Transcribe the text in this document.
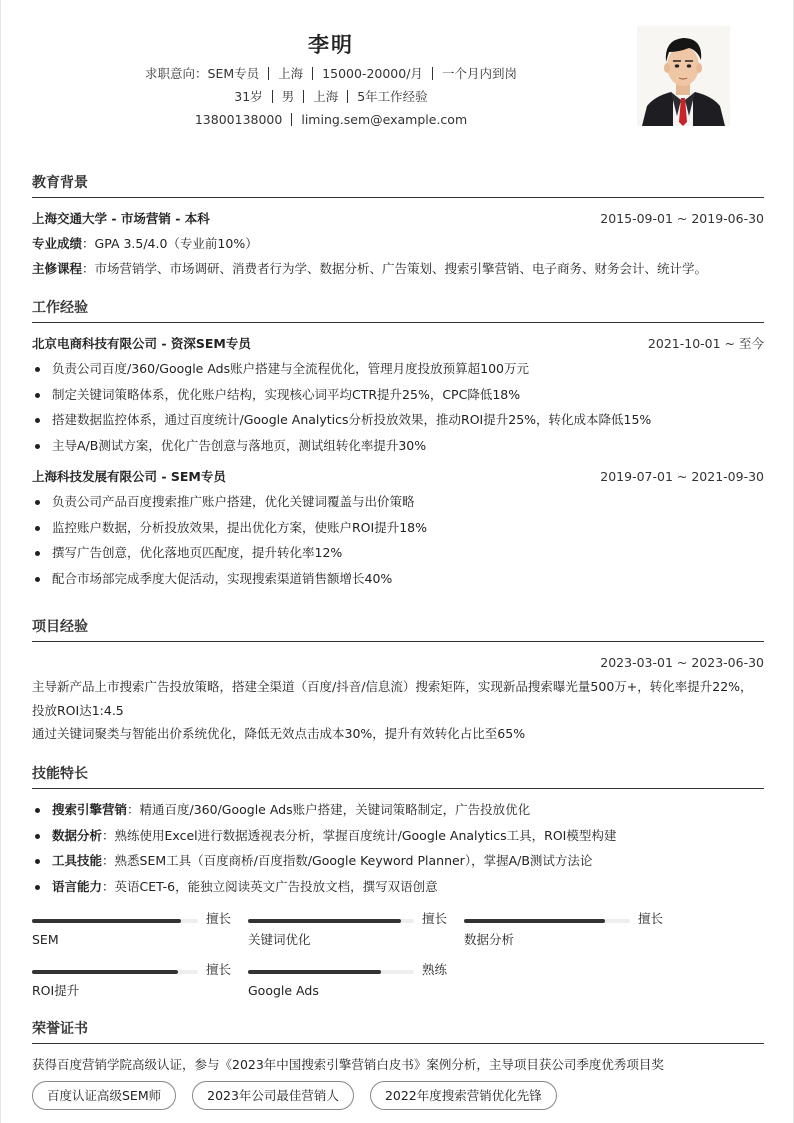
李明
求职意向：SEM专员 上海 15000-20000/月 一个月内到岗
31岁 男 上海 5年工作经验
13800138000 liming.sem@example.com
教育背景
上海交通大学 - 市场营销 - 本科	2015-09-01 ~ 2019-06-30
专业成绩：GPA 3.5/4.0（专业前10%）
主修课程：市场营销学、市场调研、消费者行为学、数据分析、广告策划、搜索引擎营销、电子商务、财务会计、统计学。
工作经验
北京电商科技有限公司 - 资深SEM专员	2021-10-01 ~ 至今
负责公司百度/360/Google Ads账户搭建与全流程优化，管理月度投放预算超100万元
制定关键词策略体系，优化账户结构，实现核心词平均CTR提升25%，CPC降低18%
搭建数据监控体系，通过百度统计/Google Analytics分析投放效果，推动ROI提升25%，转化成本降低15%
主导A/B测试方案，优化广告创意与落地页，测试组转化率提升30%
上海科技发展有限公司 - SEM专员	2019-07-01 ~ 2021-09-30
负责公司产品百度搜索推广账户搭建，优化关键词覆盖与出价策略
监控账户数据，分析投放效果，提出优化方案，使账户ROI提升18%
撰写广告创意，优化落地页匹配度，提升转化率12%
配合市场部完成季度大促活动，实现搜索渠道销售额增长40%
项目经验
2023-03-01 ~ 2023-06-30
主导新产品上市搜索广告投放策略，搭建全渠道（百度/抖音/信息流）搜索矩阵，实现新品搜索曝光量500万+，转化率提升22%，投放ROI达1:4.5
通过关键词聚类与智能出价系统优化，降低无效点击成本30%，提升有效转化占比至65%
技能特长
搜索引擎营销：精通百度/360/Google Ads账户搭建，关键词策略制定，广告投放优化
数据分析：熟练使用Excel进行数据透视表分析，掌握百度统计/Google Analytics工具，ROI模型构建
工具技能：熟悉SEM工具（百度商桥/百度指数/Google Keyword Planner），掌握A/B测试方法论
语言能力：英语CET-6，能独立阅读英文广告投放文档，撰写双语创意
擅长
SEM
擅长
关键词优化
擅长
数据分析
擅长
ROI提升
熟练
Google Ads
荣誉证书
获得百度营销学院高级认证，参与《2023年中国搜索引擎营销白皮书》案例分析，主导项目获公司季度优秀项目奖
百度认证高级SEM师	2023年公司最佳营销人	2022年度搜索营销优化先锋
